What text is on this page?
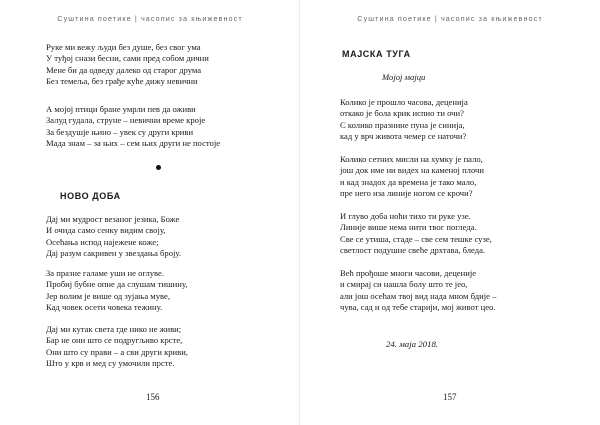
Суштина поетике | часопис за књижевност
Руке ми вежу људи без душе, без свог ума
У туђој снази бесни, сами пред собом дични
Мене би да одведу далеко од старог друма
Без темеља, без грађе куће дижу невични
А мојој птици бране умрли пев да оживи
Залуд гудала, струне – невични време кроје
За бездушје њино – увек су други криви
Мада знам – за њих – сем њих други не постоје
НОВО ДОБА
Дај ми мудрост везаног језика, Боже
И очида само сенку видим своју,
Осећања испод најежене коже;
Дај разум сакривен у звездања броју.
За празне галаме уши не оглуве.
Пробиј бубне опне да слушам тишину,
Јер волим је више од зујања муве,
Кад човек осети човека тежину.
Дај ми кутак света где нико не живи;
Бар не они што се подругљиво крсте,
Они што су прави – а сви други криви,
Што у крв и мед су умочили прсте.
156
Суштина поетике | часопис за књижевност
МАЈСКА ТУГА
Мојој мајци
Колико је прошло часова, деценија
откако је бола крик испио ти очи?
С колико празнине пуна је синија,
кад у врч живота чемер се наточи?
Колико сетних мисли на хумку је пало,
још док име ни видех на каменој плочи
и кад знадох да времена је тако мало,
пре него иза линије ногом се крочи?
И глуво доба ноћи тихо ти руке узе.
Линије више нема нити твог погледа.
Све се утиша, стаде – све сем тешке сузе,
светлост подушне свеће дрхтава, бледа.
Већ прођоше многи часови, деценије
и смирај си нашла болу што те јео,
али још осећам твој вид нада мном бдије –
чува, сад и од тебе старији, мој живот цео.
24. маја 2018.
157
